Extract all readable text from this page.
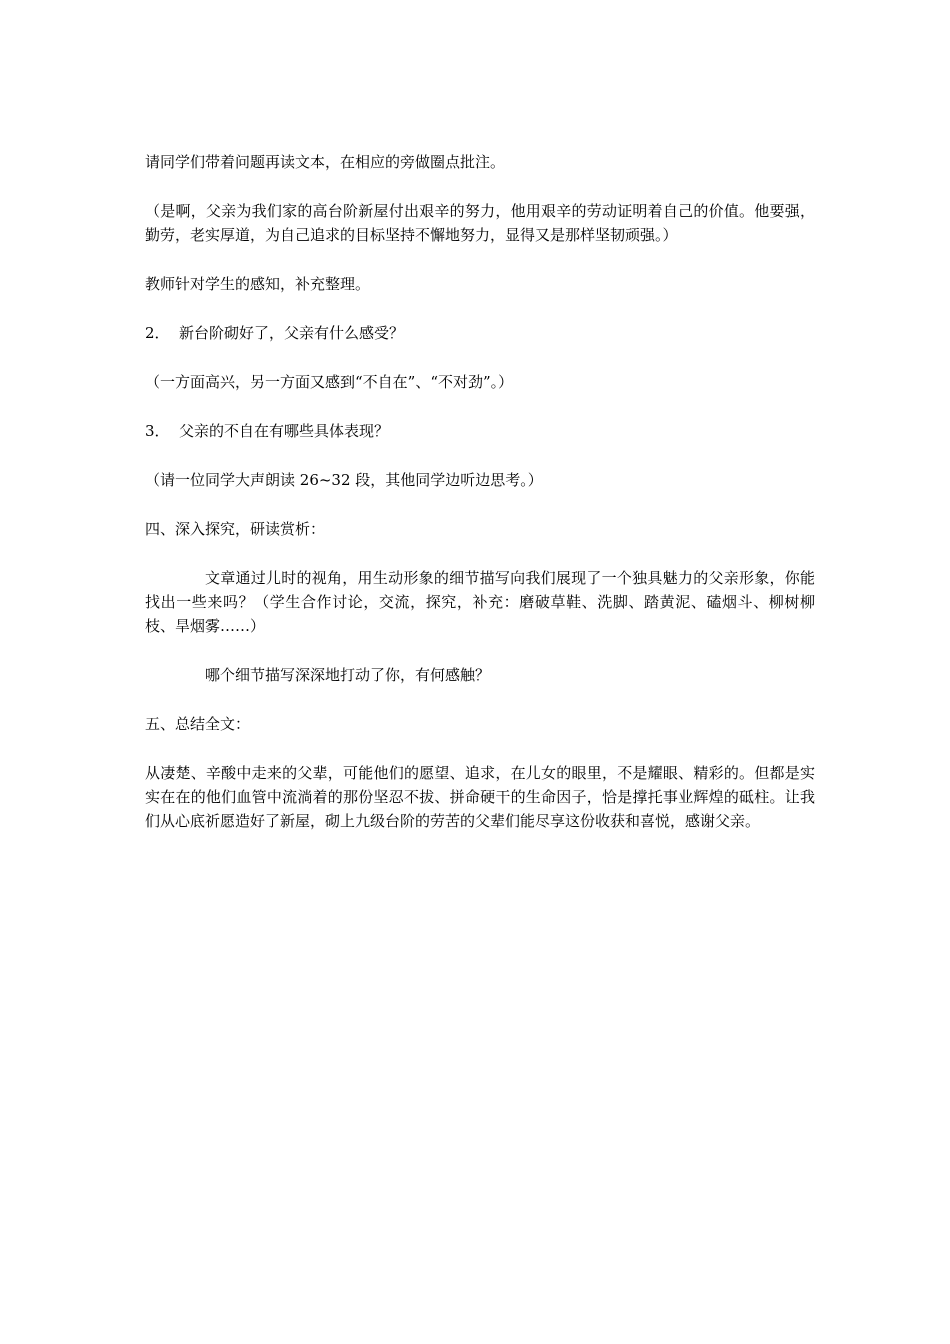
请同学们带着问题再读文本，在相应的旁做圈点批注。

（是啊，父亲为我们家的高台阶新屋付出艰辛的努力，他用艰辛的劳动证明着自己的价值。他要强，勤劳，老实厚道，为自己追求的目标坚持不懈地努力，显得又是那样坚韧顽强。）

教师针对学生的感知，补充整理。

2． 新台阶砌好了，父亲有什么感受？

（一方面高兴，另一方面又感到“不自在”、“不对劲”。）

3． 父亲的不自在有哪些具体表现？

（请一位同学大声朗读 26~32 段，其他同学边听边思考。）

四、深入探究，研读赏析：

文章通过儿时的视角，用生动形象的细节描写向我们展现了一个独具魅力的父亲形象，你能找出一些来吗？（学生合作讨论，交流，探究，补充：磨破草鞋、洗脚、踏黄泥、磕烟斗、柳树柳枝、旱烟雾……）

哪个细节描写深深地打动了你，有何感触？

五、总结全文：

从凄楚、辛酸中走来的父辈，可能他们的愿望、追求，在儿女的眼里，不是耀眼、精彩的。但都是实实在在的他们血管中流淌着的那份坚忍不拔、拼命硬干的生命因子，恰是撑托事业辉煌的砥柱。让我们从心底祈愿造好了新屋，砌上九级台阶的劳苦的父辈们能尽享这份收获和喜悦，感谢父亲。
